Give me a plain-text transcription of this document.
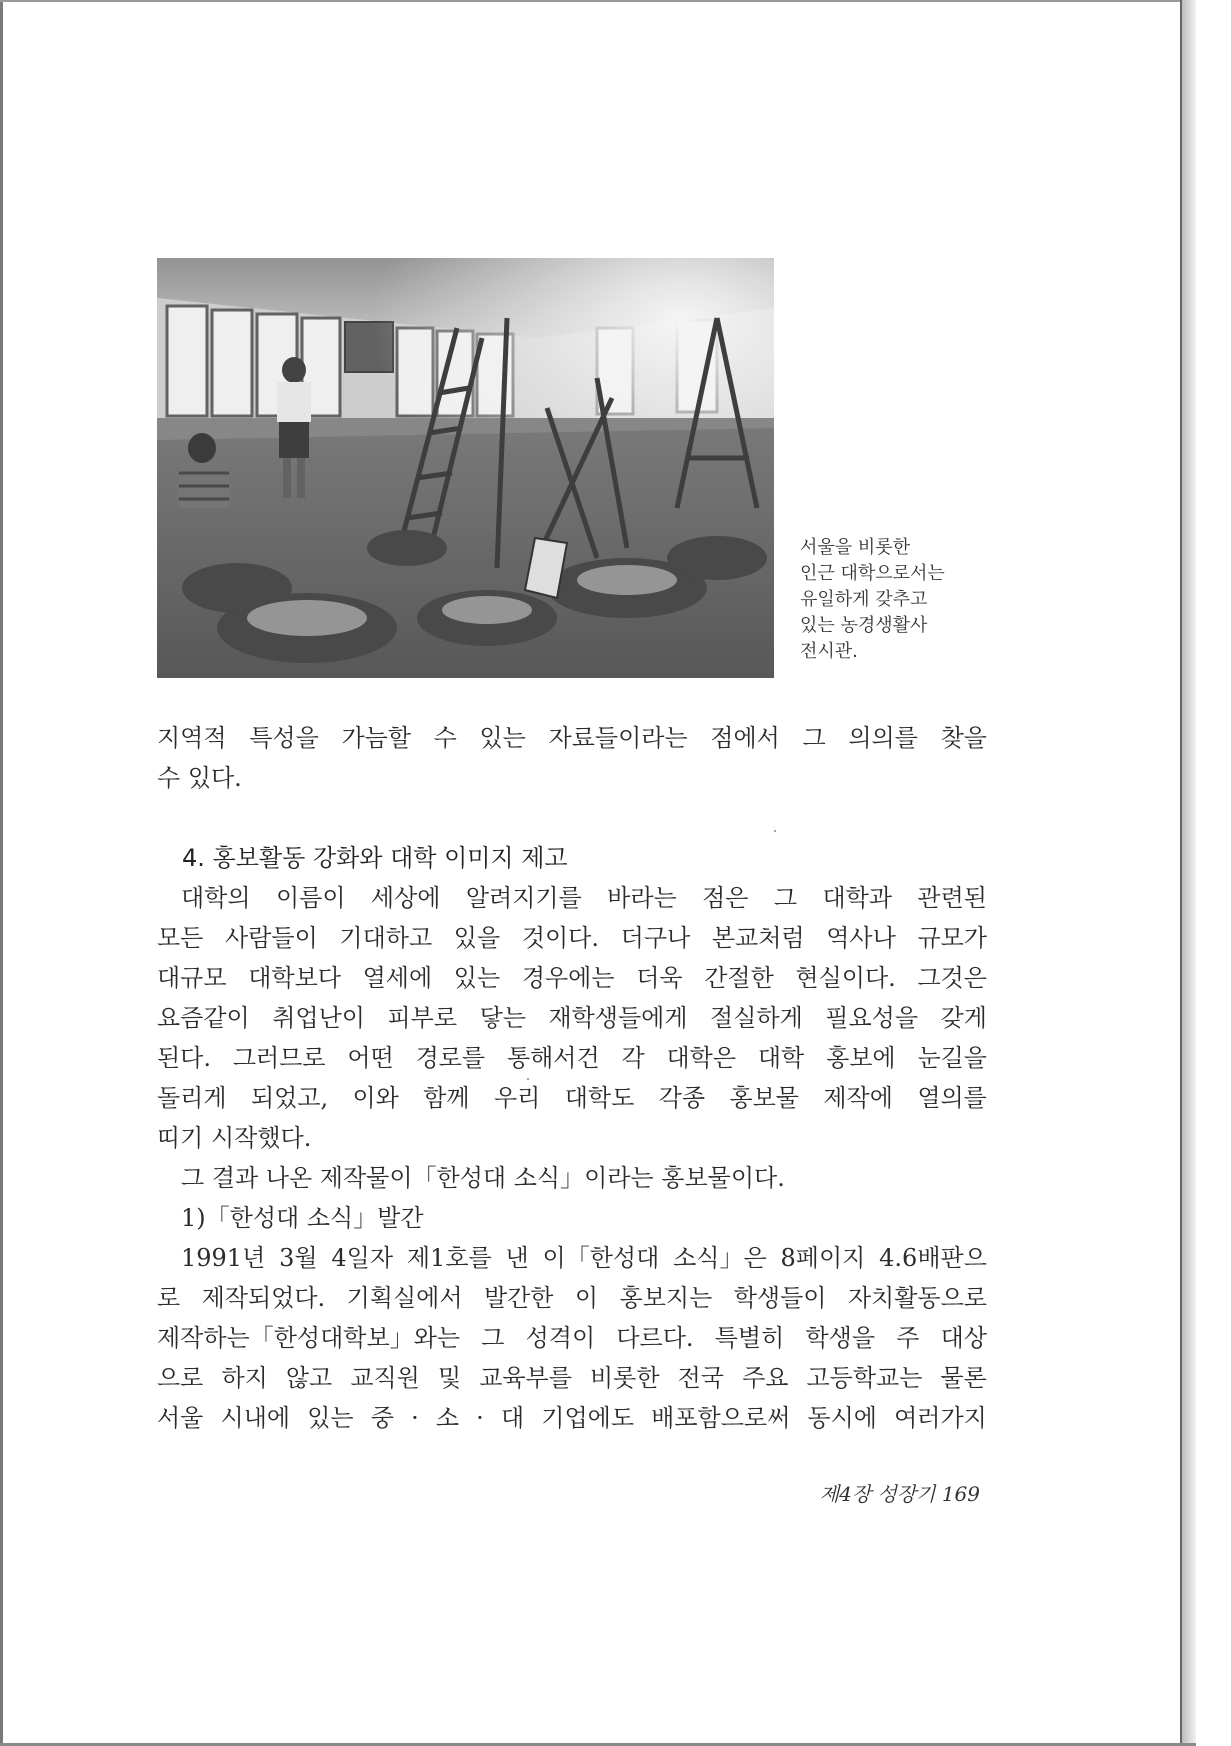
서울을 비롯한
인근 대학으로서는
유일하게 갖추고
있는 농경생활사
전시관.
지역적 특성을 가늠할 수 있는 자료들이라는 점에서 그 의의를 찾을
수 있다.
4. 홍보활동 강화와 대학 이미지 제고
대학의 이름이 세상에 알려지기를 바라는 점은 그 대학과 관련된
모든 사람들이 기대하고 있을 것이다. 더구나 본교처럼 역사나 규모가
대규모 대학보다 열세에 있는 경우에는 더욱 간절한 현실이다. 그것은
요즘같이 취업난이 피부로 닿는 재학생들에게 절실하게 필요성을 갖게
된다. 그러므로 어떤 경로를 통해서건 각 대학은 대학 홍보에 눈길을
돌리게 되었고, 이와 함께 우리 대학도 각종 홍보물 제작에 열의를
띠기 시작했다.
그 결과 나온 제작물이「한성대 소식」이라는 홍보물이다.
1)「한성대 소식」발간
1991년 3월 4일자 제1호를 낸 이「한성대 소식」은 8페이지 4.6배판으
로 제작되었다. 기획실에서 발간한 이 홍보지는 학생들이 자치활동으로
제작하는「한성대학보」와는 그 성격이 다르다. 특별히 학생을 주 대상
으로 하지 않고 교직원 및 교육부를 비롯한 전국 주요 고등학교는 물론
서울 시내에 있는 중 · 소 · 대 기업에도 배포함으로써 동시에 여러가지
제4장 성장기 169
